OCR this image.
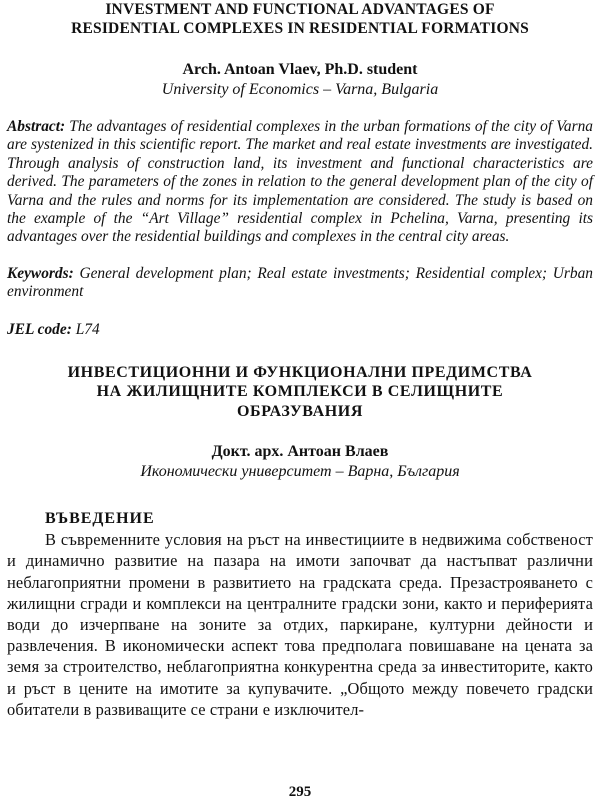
INVESTMENT AND FUNCTIONAL ADVANTAGES OF
RESIDENTIAL COMPLEXES IN RESIDENTIAL FORMATIONS
Arch. Antoan Vlaev, Ph.D. student
University of Economics – Varna, Bulgaria

Abstract: The advantages of residential complexes in the urban formations of the city of Varna are systenized in this scientific report. The market and real estate investments are investigated. Through analysis of construction land, its investment and functional characteristics are derived. The parameters of the zones in relation to the general development plan of the city of Varna and the rules and norms for its implementation are considered. The study is based on the example of the “Art Village” residential complex in Pchelina, Varna, presenting its advantages over the residential buildings and complexes in the central city areas.

Keywords: General development plan; Real estate investments; Residential complex; Urban environment

JEL code: L74

ИНВЕСТИЦИОННИ И ФУНКЦИОНАЛНИ ПРЕДИМСТВА
НА ЖИЛИЩНИТЕ КОМПЛЕКСИ В СЕЛИЩНИТЕ
ОБРАЗУВАНИЯ
Докт. арх. Антоан Влаев
Икономически университет – Варна, България
ВЪВЕДЕНИЕ

В съвременните условия на ръст на инвестициите в недвижима собственост и динамично развитие на пазара на имоти започват да настъпват различни неблагоприятни промени в развитието на градската среда. Презастрояването с жилищни сгради и комплекси на централните градски зони, както и периферията води до изчерпване на зоните за отдих, паркиране, културни дейности и развлечения. В икономически аспект това предполага повишаване на цената за земя за строителство, неблагоприятна конкурентна среда за инвеститорите, както и ръст в цените на имотите за купувачите. „Общото между повечето градски обитатели в развиващите се страни е изключител-

295
